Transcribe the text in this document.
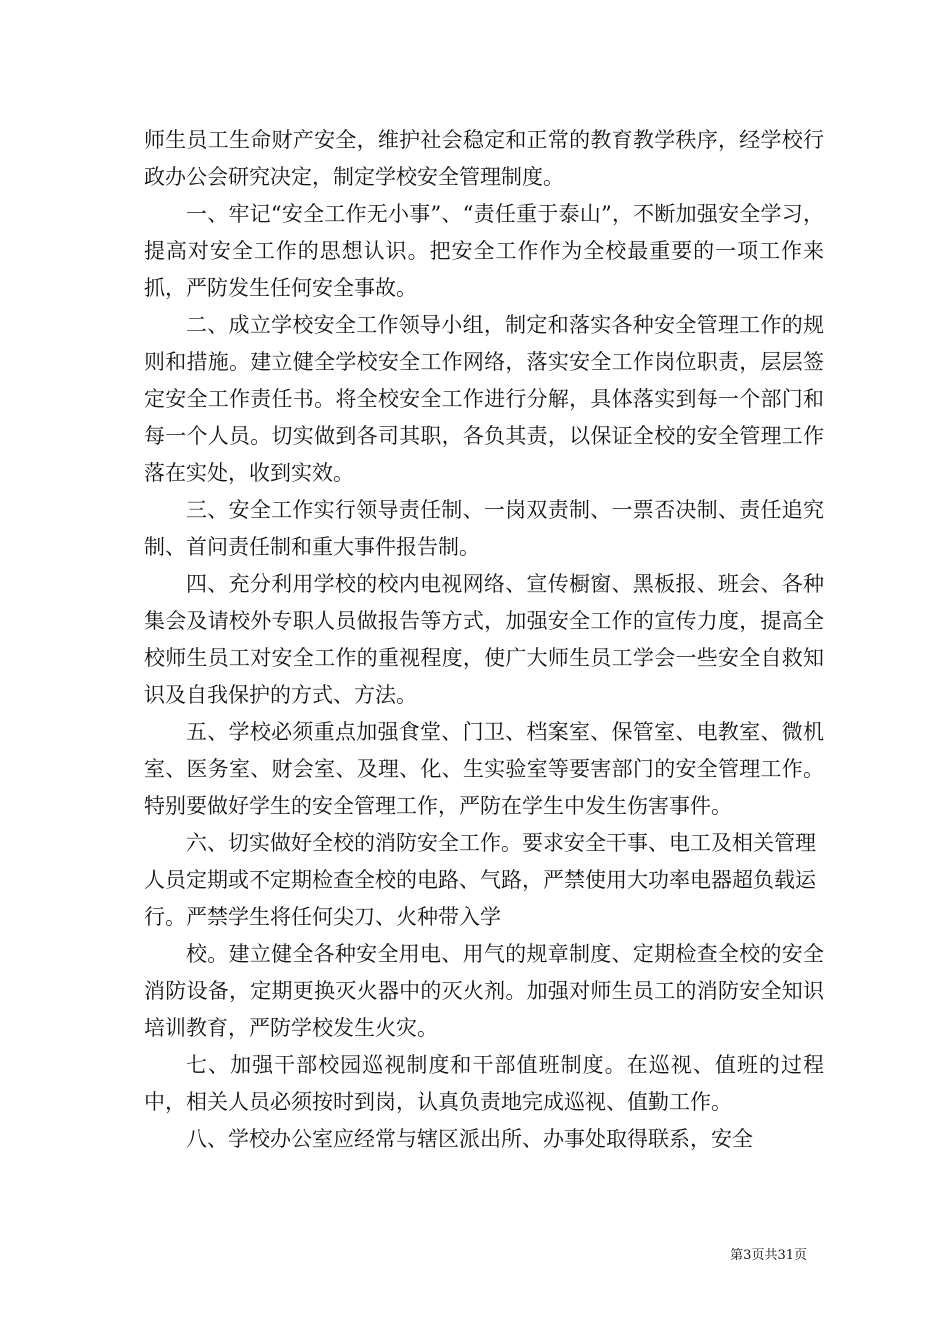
师生员工生命财产安全，维护社会稳定和正常的教育教学秩序，经学校行政办公会研究决定，制定学校安全管理制度。

一、牢记“安全工作无小事”、“责任重于泰山”，不断加强安全学习，提高对安全工作的思想认识。把安全工作作为全校最重要的一项工作来抓，严防发生任何安全事故。

二、成立学校安全工作领导小组，制定和落实各种安全管理工作的规则和措施。建立健全学校安全工作网络，落实安全工作岗位职责，层层签定安全工作责任书。将全校安全工作进行分解，具体落实到每一个部门和每一个人员。切实做到各司其职，各负其责，以保证全校的安全管理工作落在实处，收到实效。

三、安全工作实行领导责任制、一岗双责制、一票否决制、责任追究制、首问责任制和重大事件报告制。

四、充分利用学校的校内电视网络、宣传橱窗、黑板报、班会、各种集会及请校外专职人员做报告等方式，加强安全工作的宣传力度，提高全校师生员工对安全工作的重视程度，使广大师生员工学会一些安全自救知识及自我保护的方式、方法。

五、学校必须重点加强食堂、门卫、档案室、保管室、电教室、微机室、医务室、财会室、及理、化、生实验室等要害部门的安全管理工作。特别要做好学生的安全管理工作，严防在学生中发生伤害事件。

六、切实做好全校的消防安全工作。要求安全干事、电工及相关管理人员定期或不定期检查全校的电路、气路，严禁使用大功率电器超负载运行。严禁学生将任何尖刀、火种带入学

校。建立健全各种安全用电、用气的规章制度、定期检查全校的安全消防设备，定期更换灭火器中的灭火剂。加强对师生员工的消防安全知识培训教育，严防学校发生火灾。

七、加强干部校园巡视制度和干部值班制度。在巡视、值班的过程中，相关人员必须按时到岗，认真负责地完成巡视、值勤工作。

八、学校办公室应经常与辖区派出所、办事处取得联系，安全

第3页共31页
